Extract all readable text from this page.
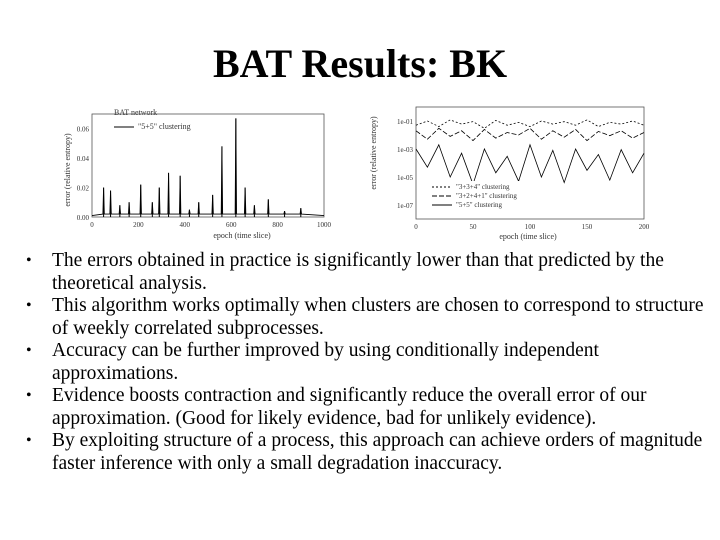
BAT Results: BK
error (relative entropy)
BAT network
"5+5" clustering
epoch (time slice)
0.06
0.04
0.02
0.00
0	200	400	600	800	1000
error (relative entropy)
epoch (time slice)
1e-01
1e-03
1e-05
1e-07
0	50	100	150	200
"3+3+4" clustering
"3+2+4+1" clustering
"5+5" clustering
• The errors obtained in practice is significantly lower than that predicted by the theoretical analysis.
• This algorithm works optimally when clusters are chosen to correspond to structure of weekly correlated subprocesses.
• Accuracy can be further improved by using conditionally independent approximations.
• Evidence boosts contraction and significantly reduce the overall error of our approximation. (Good for likely evidence, bad for unlikely evidence).
• By exploiting structure of a process, this approach can achieve orders of magnitude faster inference with only a small degradation inaccuracy.
